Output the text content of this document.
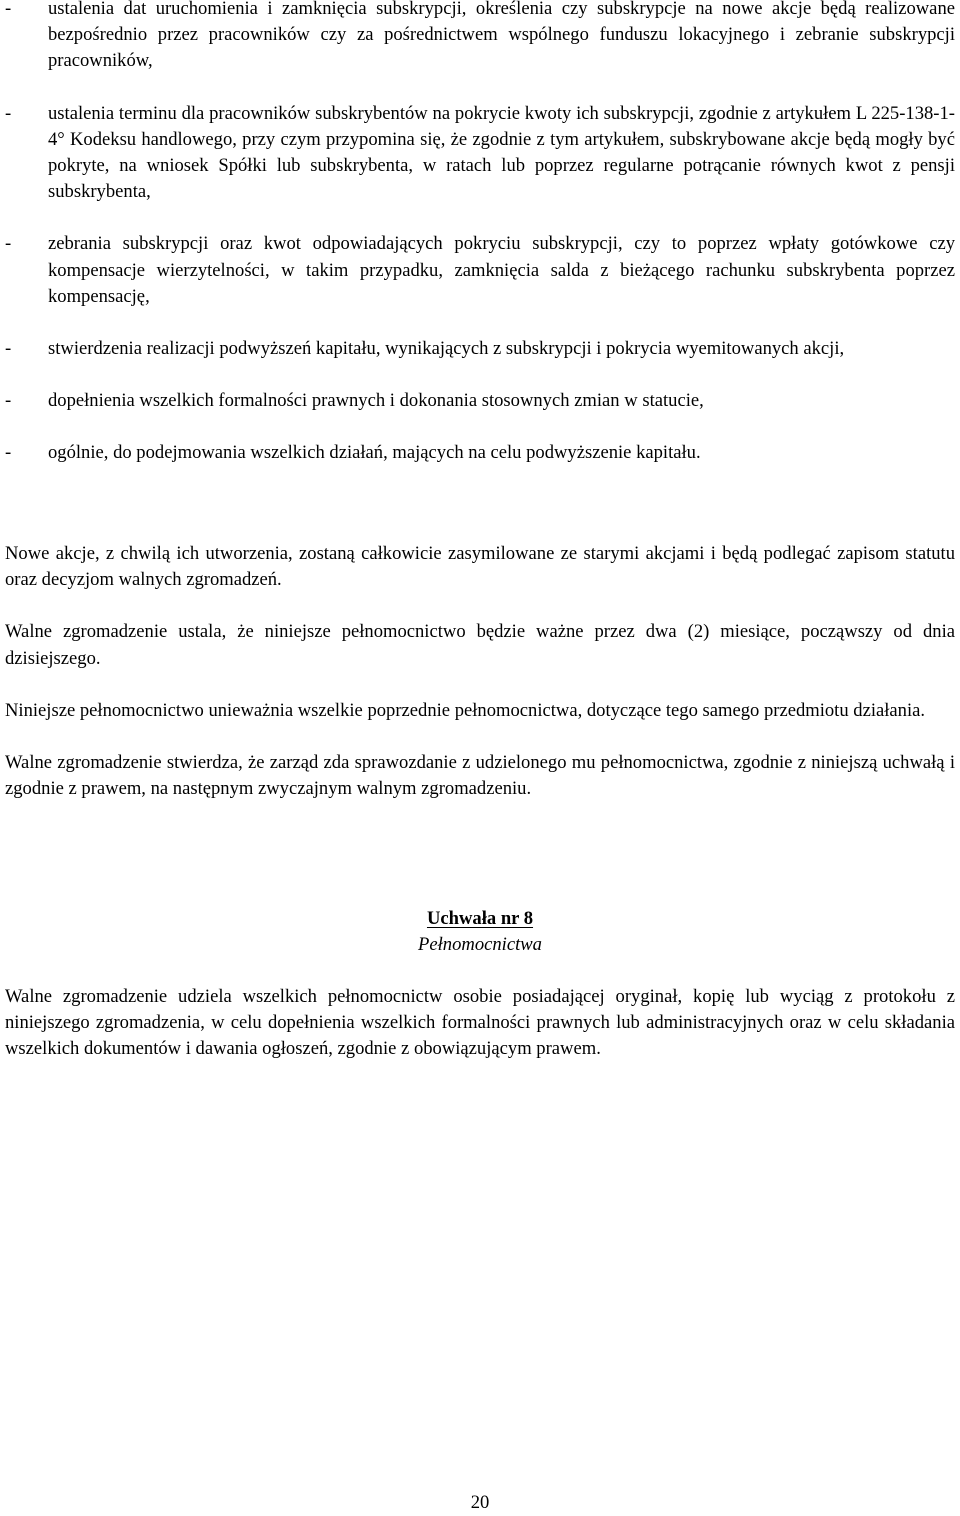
-	ustalenia dat uruchomienia i zamknięcia subskrypcji, określenia czy subskrypcje na nowe akcje będą realizowane bezpośrednio przez pracowników czy za pośrednictwem wspólnego funduszu lokacyjnego i zebranie subskrypcji pracowników,
-	ustalenia terminu dla pracowników subskrybentów na pokrycie kwoty ich subskrypcji, zgodnie z artykułem L 225-138-1-4° Kodeksu handlowego, przy czym przypomina się, że zgodnie z tym artykułem, subskrybowane akcje będą mogły być pokryte, na wniosek Spółki lub subskrybenta, w ratach lub poprzez regularne potrącanie równych kwot z pensji subskrybenta,
-	zebrania subskrypcji oraz kwot odpowiadających pokryciu subskrypcji, czy to poprzez wpłaty gotówkowe czy kompensacje wierzytelności, w takim przypadku, zamknięcia salda z bieżącego rachunku subskrybenta poprzez kompensację,
-	stwierdzenia realizacji podwyższeń kapitału, wynikających z subskrypcji i pokrycia wyemitowanych akcji,
-	dopełnienia wszelkich formalności prawnych i dokonania stosownych zmian w statucie,
-	ogólnie, do podejmowania wszelkich działań, mających na celu podwyższenie kapitału.

Nowe akcje, z chwilą ich utworzenia, zostaną całkowicie zasymilowane ze starymi akcjami i będą podlegać zapisom statutu oraz decyzjom walnych zgromadzeń.

Walne zgromadzenie ustala, że niniejsze pełnomocnictwo będzie ważne przez dwa (2) miesiące, począwszy od dnia dzisiejszego.

Niniejsze pełnomocnictwo unieważnia wszelkie poprzednie pełnomocnictwa, dotyczące tego samego przedmiotu działania.

Walne zgromadzenie stwierdza, że zarząd zda sprawozdanie z udzielonego mu pełnomocnictwa, zgodnie z niniejszą uchwałą i zgodnie z prawem, na następnym zwyczajnym walnym zgromadzeniu.

Uchwała nr 8
Pełnomocnictwa

Walne zgromadzenie udziela wszelkich pełnomocnictw osobie posiadającej oryginał, kopię lub wyciąg z protokołu z niniejszego zgromadzenia, w celu dopełnienia wszelkich formalności prawnych lub administracyjnych oraz w celu składania wszelkich dokumentów i dawania ogłoszeń, zgodnie z obowiązującym prawem.

20
